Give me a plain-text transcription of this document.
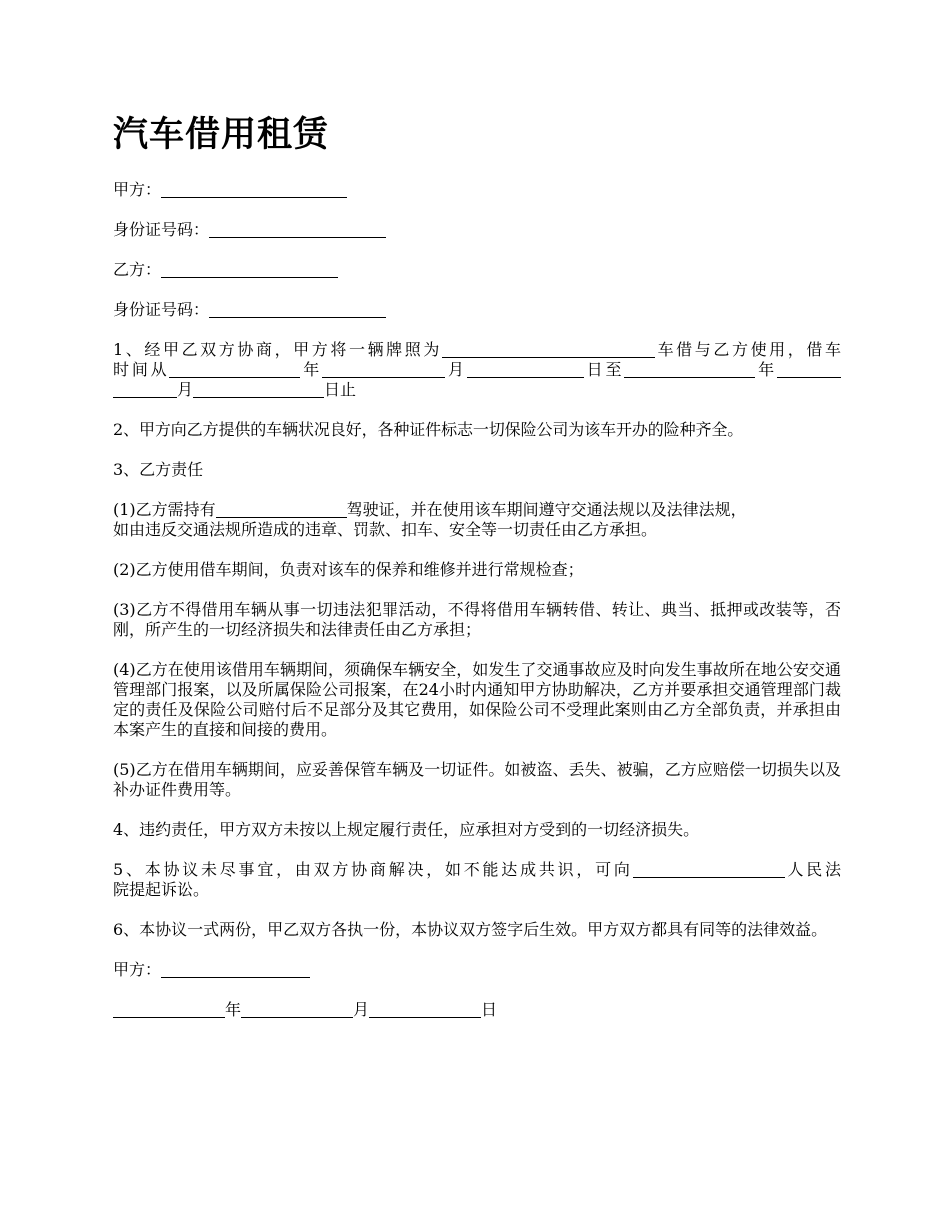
汽车借用租赁
甲方：
身份证号码：
乙方：
身份证号码：
1、经甲乙双方协商，甲方将一辆牌照为	车借与乙方使用，借车
时间从	年	月	日至	年
月	日止
2、甲方向乙方提供的车辆状况良好，各种证件标志一切保险公司为该车开办的险种齐全。
3、乙方责任
(1)乙方需持有	驾驶证，并在使用该车期间遵守交通法规以及法律法规，
如由违反交通法规所造成的违章、罚款、扣车、安全等一切责任由乙方承担。
(2)乙方使用借车期间，负责对该车的保养和维修并进行常规检查；
(3)乙方不得借用车辆从事一切违法犯罪活动，不得将借用车辆转借、转让、典当、抵押或改装等，否刚，所产生的一切经济损失和法律责任由乙方承担；
(4)乙方在使用该借用车辆期间，须确保车辆安全，如发生了交通事故应及时向发生事故所在地公安交通管理部门报案，以及所属保险公司报案，在24小时内通知甲方协助解决，乙方并要承担交通管理部门裁定的责任及保险公司赔付后不足部分及其它费用，如保险公司不受理此案则由乙方全部负责，并承担由本案产生的直接和间接的费用。
(5)乙方在借用车辆期间，应妥善保管车辆及一切证件。如被盗、丢失、被骗，乙方应赔偿一切损失以及补办证件费用等。
4、违约责任，甲方双方未按以上规定履行责任，应承担对方受到的一切经济损失。
5、本协议未尽事宜，由双方协商解决，如不能达成共识，可向	人民法
院提起诉讼。
6、本协议一式两份，甲乙双方各执一份，本协议双方签字后生效。甲方双方都具有同等的法律效益。
甲方：
年	月	日
